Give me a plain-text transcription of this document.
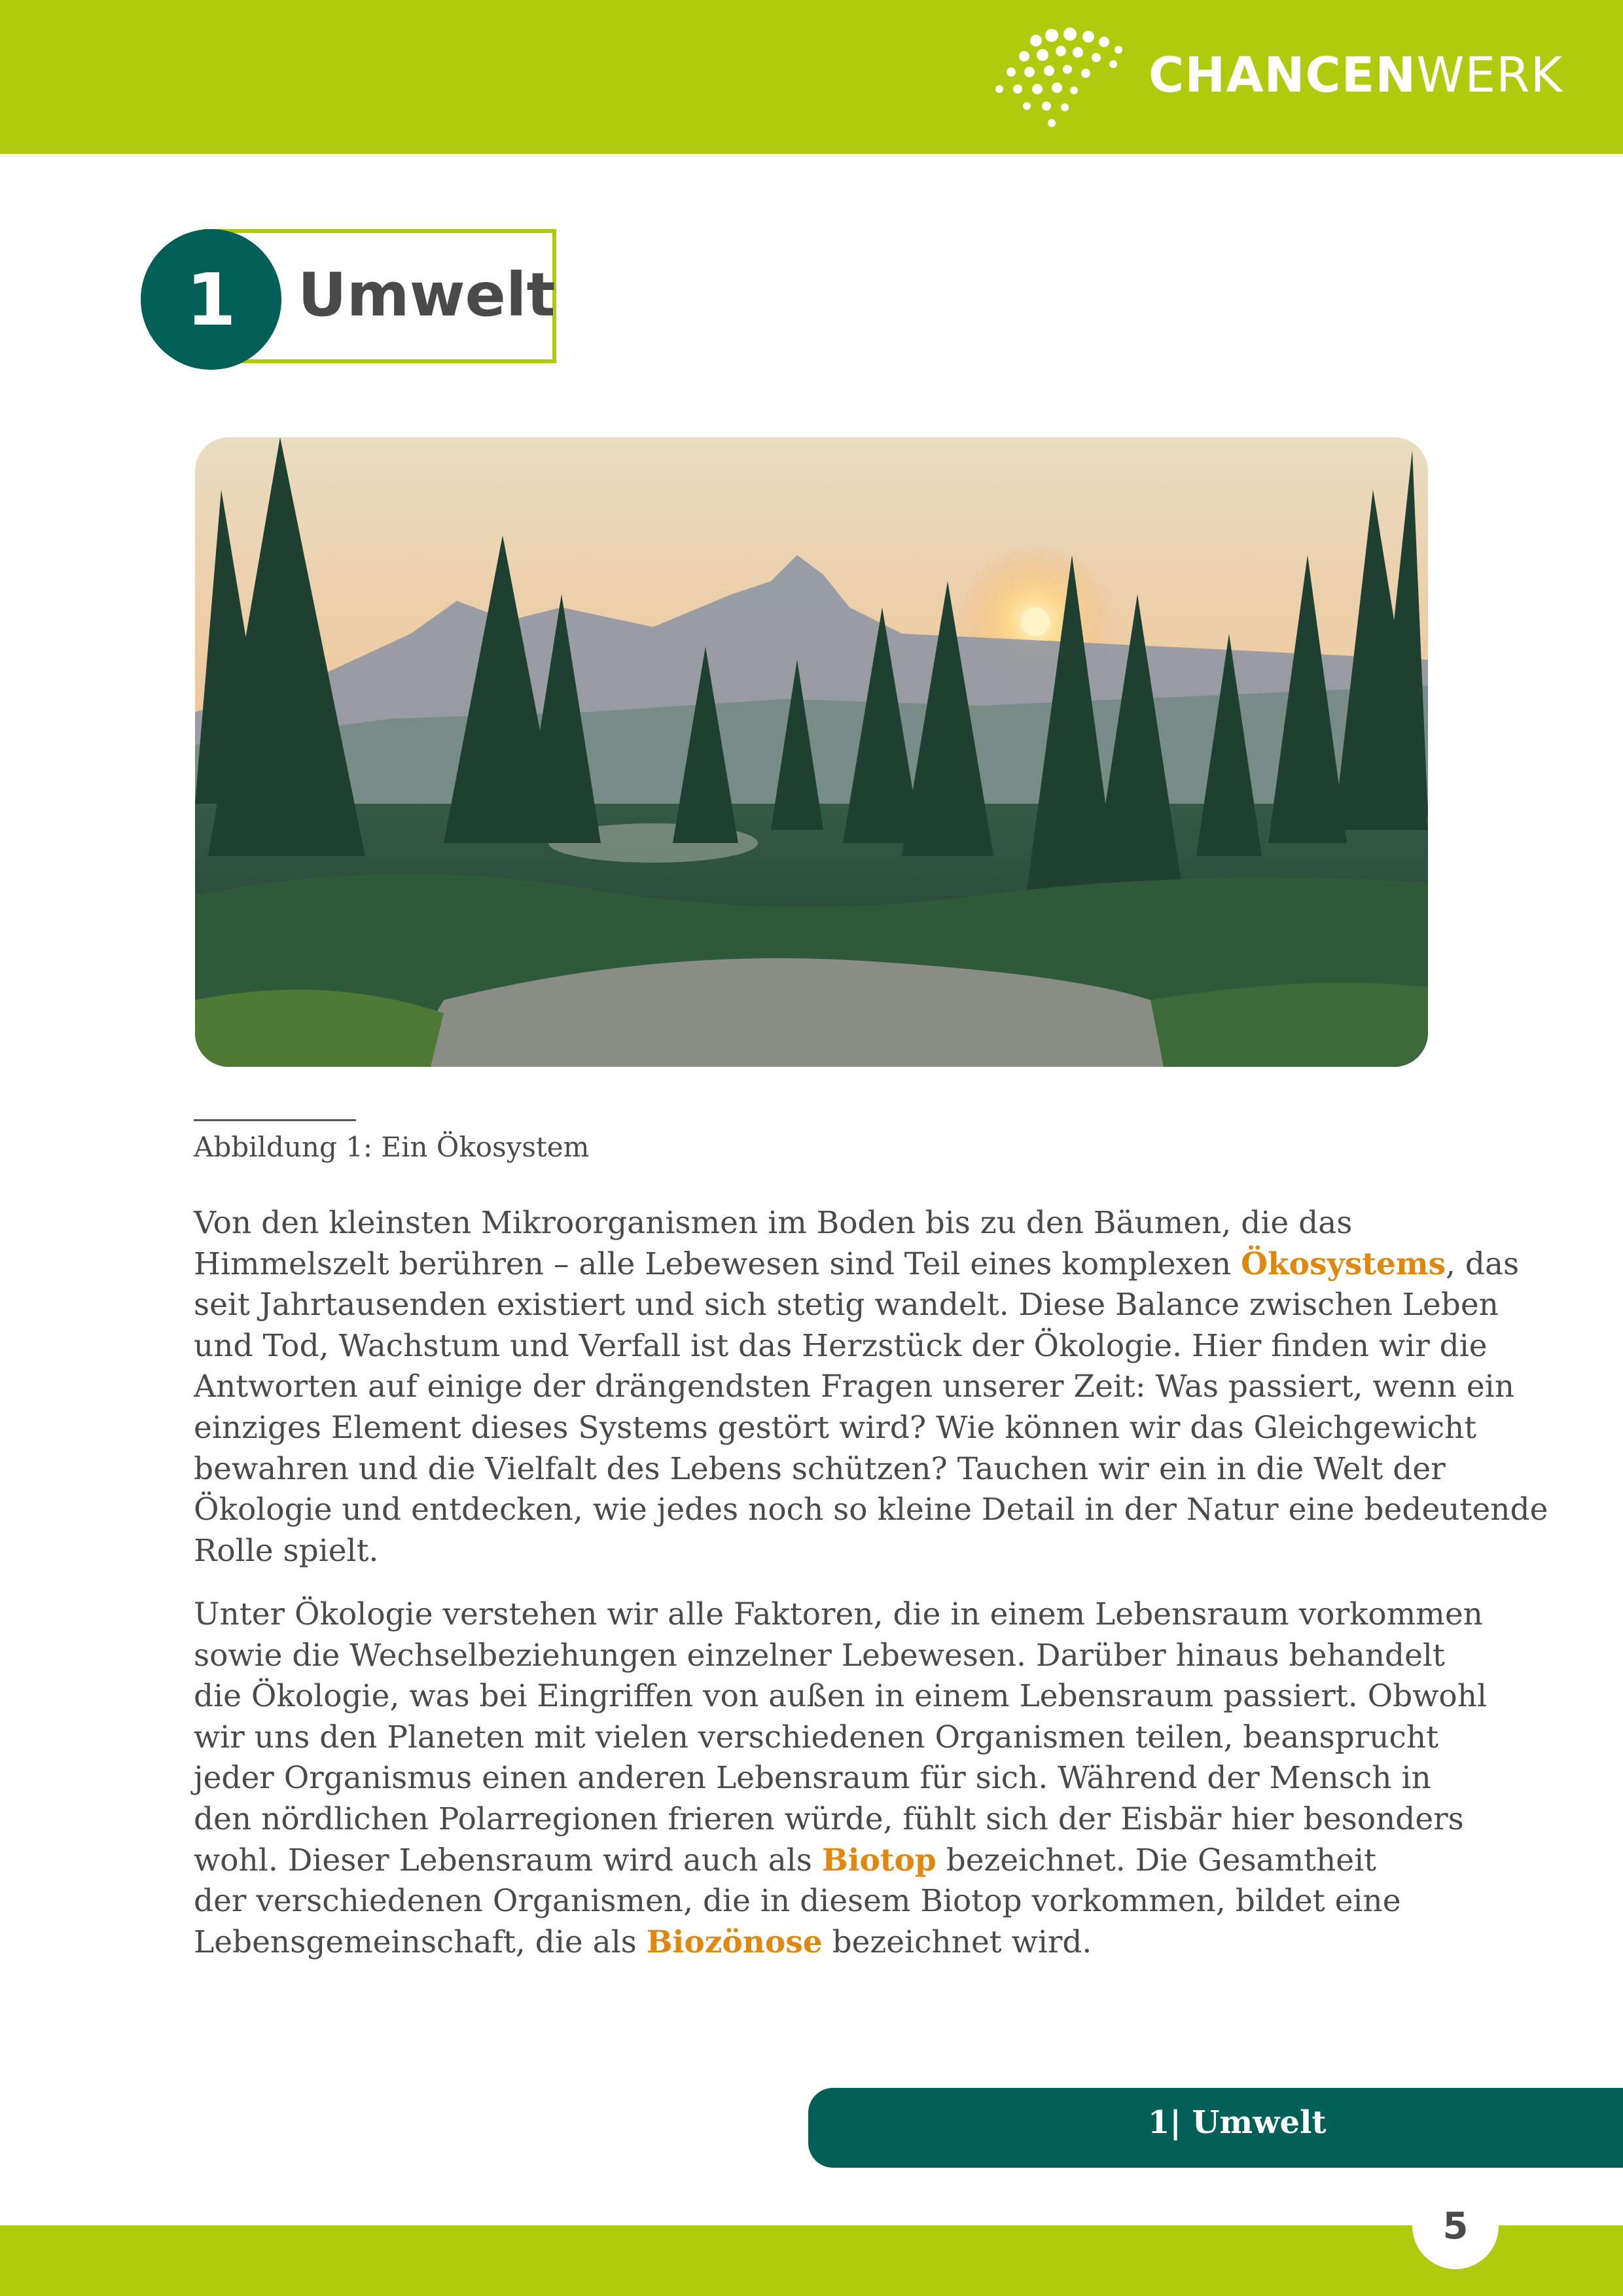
CHANCENWERK
1	Umwelt
Abbildung 1: Ein Ökosystem
Von den kleinsten Mikroorganismen im Boden bis zu den Bäumen, die das
Himmelszelt berühren – alle Lebewesen sind Teil eines komplexen Ökosystems, das
seit Jahrtausenden existiert und sich stetig wandelt. Diese Balance zwischen Leben
und Tod, Wachstum und Verfall ist das Herzstück der Ökologie. Hier finden wir die
Antworten auf einige der drängendsten Fragen unserer Zeit: Was passiert, wenn ein
einziges Element dieses Systems gestört wird? Wie können wir das Gleichgewicht
bewahren und die Vielfalt des Lebens schützen? Tauchen wir ein in die Welt der
Ökologie und entdecken, wie jedes noch so kleine Detail in der Natur eine bedeutende
Rolle spielt.
Unter Ökologie verstehen wir alle Faktoren, die in einem Lebensraum vorkommen
sowie die Wechselbeziehungen einzelner Lebewesen. Darüber hinaus behandelt
die Ökologie, was bei Eingriffen von außen in einem Lebensraum passiert. Obwohl
wir uns den Planeten mit vielen verschiedenen Organismen teilen, beansprucht
jeder Organismus einen anderen Lebensraum für sich. Während der Mensch in
den nördlichen Polarregionen frieren würde, fühlt sich der Eisbär hier besonders
wohl. Dieser Lebensraum wird auch als Biotop bezeichnet. Die Gesamtheit
der verschiedenen Organismen, die in diesem Biotop vorkommen, bildet eine
Lebensgemeinschaft, die als Biozönose bezeichnet wird.
1| Umwelt
5
